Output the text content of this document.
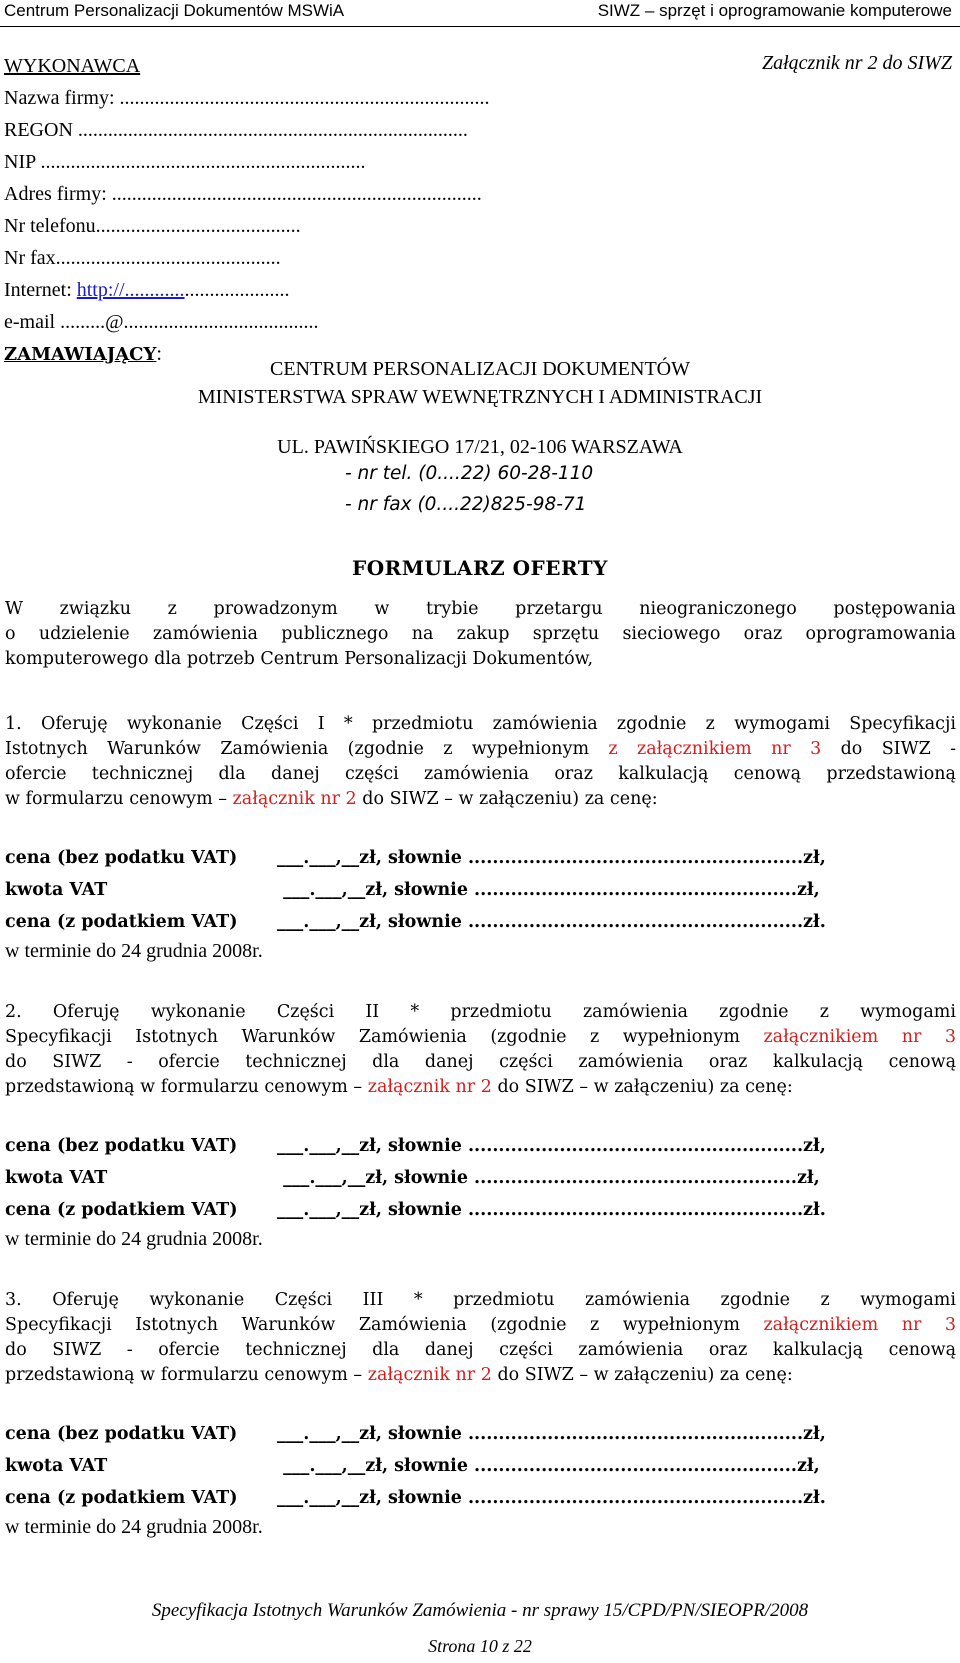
Centrum Personalizacji Dokumentów MSWiA	SIWZ – sprzęt i oprogramowanie komputerowe
Załącznik nr 2 do SIWZ
WYKONAWCA
Nazwa firmy: ..........................................................................
REGON ..............................................................................
NIP .................................................................
Adres firmy: ..........................................................................
Nr telefonu.........................................
Nr fax.............................................
Internet: http://.................................
e-mail .........@.......................................
ZAMAWIAJĄCY:
CENTRUM PERSONALIZACJI DOKUMENTÓW
MINISTERSTWA SPRAW WEWNĘTRZNYCH I ADMINISTRACJI
UL. PAWIŃSKIEGO 17/21, 02-106 WARSZAWA
- nr tel. (0....22) 60-28-110
- nr fax (0....22)825-98-71
FORMULARZ OFERTY
W związku z prowadzonym w trybie przetargu nieograniczonego postępowania
o udzielenie zamówienia publicznego na zakup sprzętu sieciowego oraz oprogramowania
komputerowego dla potrzeb Centrum Personalizacji Dokumentów,
1. Oferuję wykonanie Części I * przedmiotu zamówienia zgodnie z wymogami Specyfikacji
Istotnych Warunków Zamówienia (zgodnie z wypełnionym z załącznikiem nr 3 do SIWZ -
ofercie technicznej dla danej części zamówienia oraz kalkulacją cenową przedstawioną
w formularzu cenowym – załącznik nr 2 do SIWZ – w załączeniu) za cenę:
cena (bez podatku VAT) ___.___,__zł, słownie .......................................................zł,
kwota VAT	___.___,__zł, słownie .....................................................zł,
cena (z podatkiem VAT) ___.___,__zł, słownie .......................................................zł.
w terminie do 24 grudnia 2008r.
2. Oferuję wykonanie Części II * przedmiotu zamówienia zgodnie z wymogami
Specyfikacji Istotnych Warunków Zamówienia (zgodnie z wypełnionym załącznikiem nr 3
do SIWZ - ofercie technicznej dla danej części zamówienia oraz kalkulacją cenową
przedstawioną w formularzu cenowym – załącznik nr 2 do SIWZ – w załączeniu) za cenę:
cena (bez podatku VAT) ___.___,__zł, słownie .......................................................zł,
kwota VAT	___.___,__zł, słownie .....................................................zł,
cena (z podatkiem VAT) ___.___,__zł, słownie .......................................................zł.
w terminie do 24 grudnia 2008r.
3. Oferuję wykonanie Części III * przedmiotu zamówienia zgodnie z wymogami
Specyfikacji Istotnych Warunków Zamówienia (zgodnie z wypełnionym załącznikiem nr 3
do SIWZ - ofercie technicznej dla danej części zamówienia oraz kalkulacją cenową
przedstawioną w formularzu cenowym – załącznik nr 2 do SIWZ – w załączeniu) za cenę:
cena (bez podatku VAT) ___.___,__zł, słownie .......................................................zł,
kwota VAT	___.___,__zł, słownie .....................................................zł,
cena (z podatkiem VAT) ___.___,__zł, słownie .......................................................zł.
w terminie do 24 grudnia 2008r.
Specyfikacja Istotnych Warunków Zamówienia - nr sprawy 15/CPD/PN/SIEOPR/2008
Strona 10 z 22
